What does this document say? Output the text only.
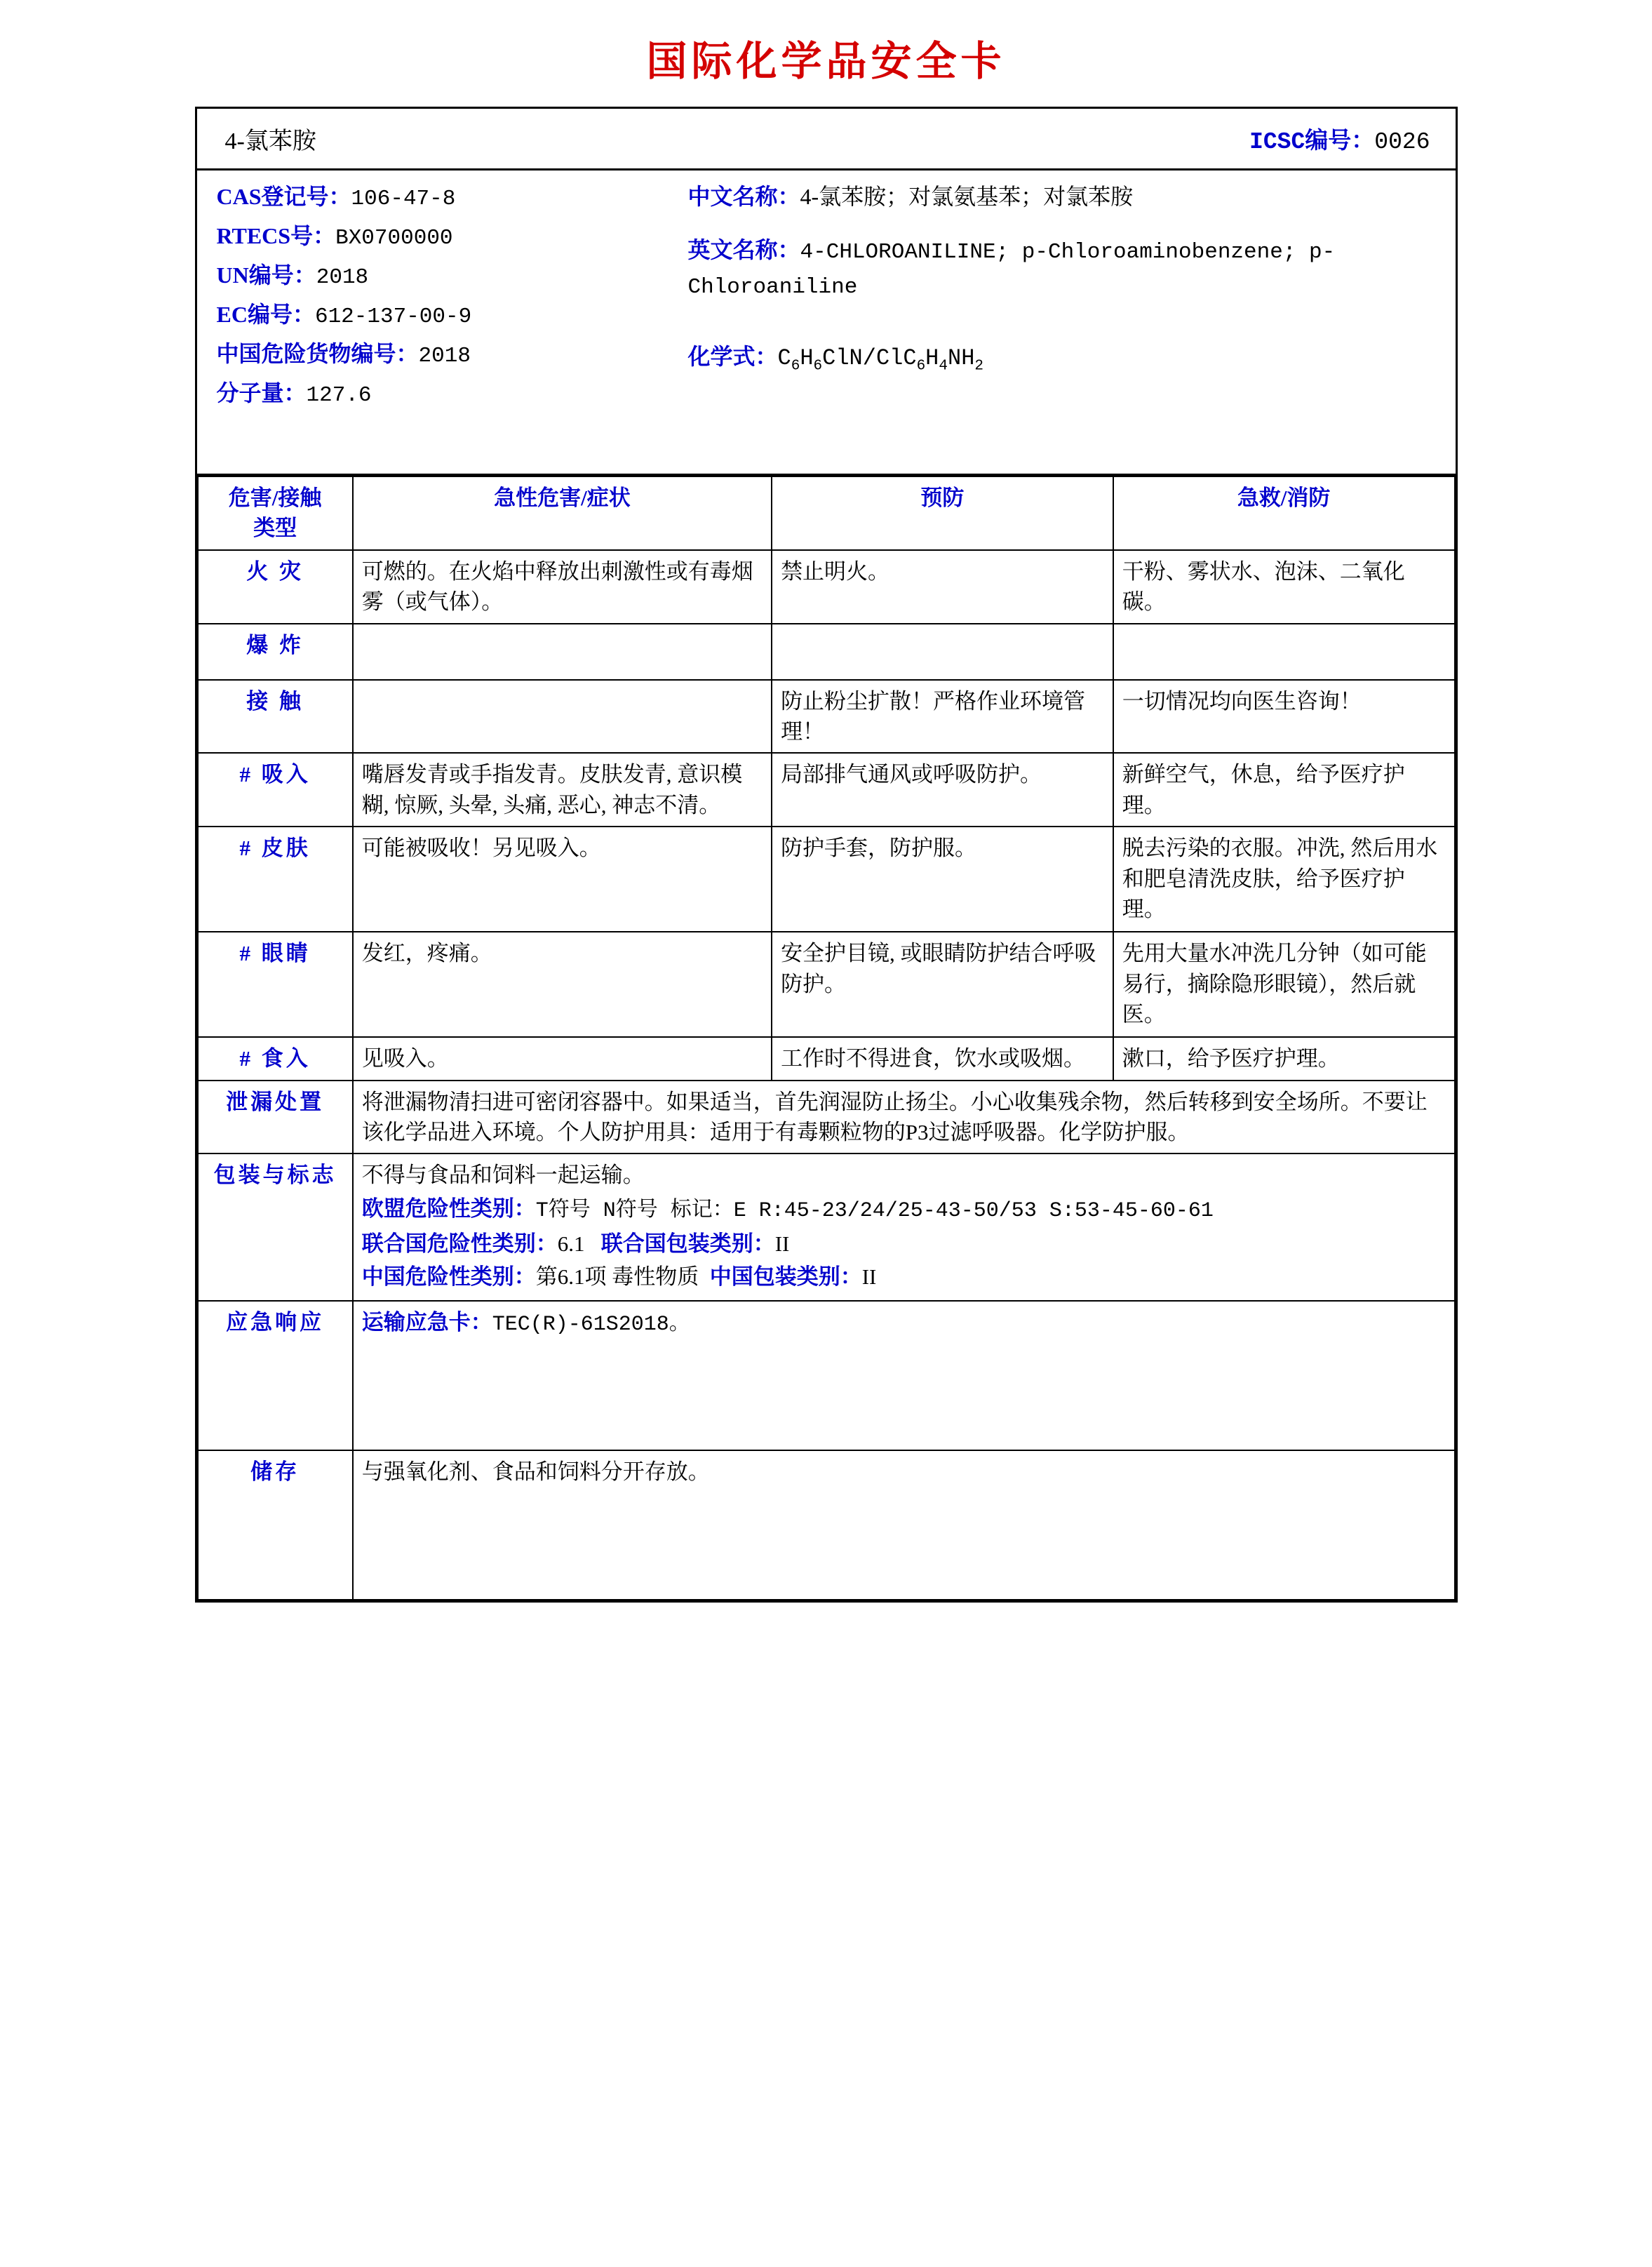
国际化学品安全卡
4-氯苯胺	ICSC编号：0026
CAS登记号：106-47-8
RTECS号：BX0700000
UN编号：2018
EC编号：612-137-00-9
中国危险货物编号：2018
分子量：127.6
中文名称：4-氯苯胺；对氯氨基苯；对氯苯胺
英文名称：4-CHLOROANILINE; p-Chloroaminobenzene; p-Chloroaniline
化学式：$C_6H_6ClN/ClC_6H_4NH_2$
危害/接触
类型	急性危害/症状	预防	急救/消防
火 灾	可燃的。在火焰中释放出刺激性或有毒烟雾（或气体）。	禁止明火。	干粉、雾状水、泡沫、二氧化碳。
爆 炸			
接 触		防止粉尘扩散！严格作业环境管理！	一切情况均向医生咨询！
# 吸入	嘴唇发青或手指发青。皮肤发青, 意识模糊, 惊厥, 头晕, 头痛, 恶心, 神志不清。	局部排气通风或呼吸防护。	新鲜空气，休息，给予医疗护理。
# 皮肤	可能被吸收！另见吸入。	防护手套，防护服。	脱去污染的衣服。冲洗, 然后用水和肥皂清洗皮肤，给予医疗护理。
# 眼睛	发红，疼痛。	安全护目镜, 或眼睛防护结合呼吸防护。	先用大量水冲洗几分钟（如可能易行，摘除隐形眼镜），然后就医。
# 食入	见吸入。	工作时不得进食，饮水或吸烟。	漱口，给予医疗护理。
泄漏处置	将泄漏物清扫进可密闭容器中。如果适当，首先润湿防止扬尘。小心收集残余物，然后转移到安全场所。不要让该化学品进入环境。个人防护用具：适用于有毒颗粒物的P3过滤呼吸器。化学防护服。		
包装与标志	不得与食品和饲料一起运输。
欧盟危险性类别：T符号 N符号 标记：E R:45-23/24/25-43-50/53 S:53-45-60-61
联合国危险性类别：6.1 联合国包装类别：II
中国危险性类别：第6.1项 毒性物质 中国包装类别：II		

应急响应	运输应急卡：TEC(R)-61S2018。		
储存	与强氧化剂、食品和饲料分开存放。		
